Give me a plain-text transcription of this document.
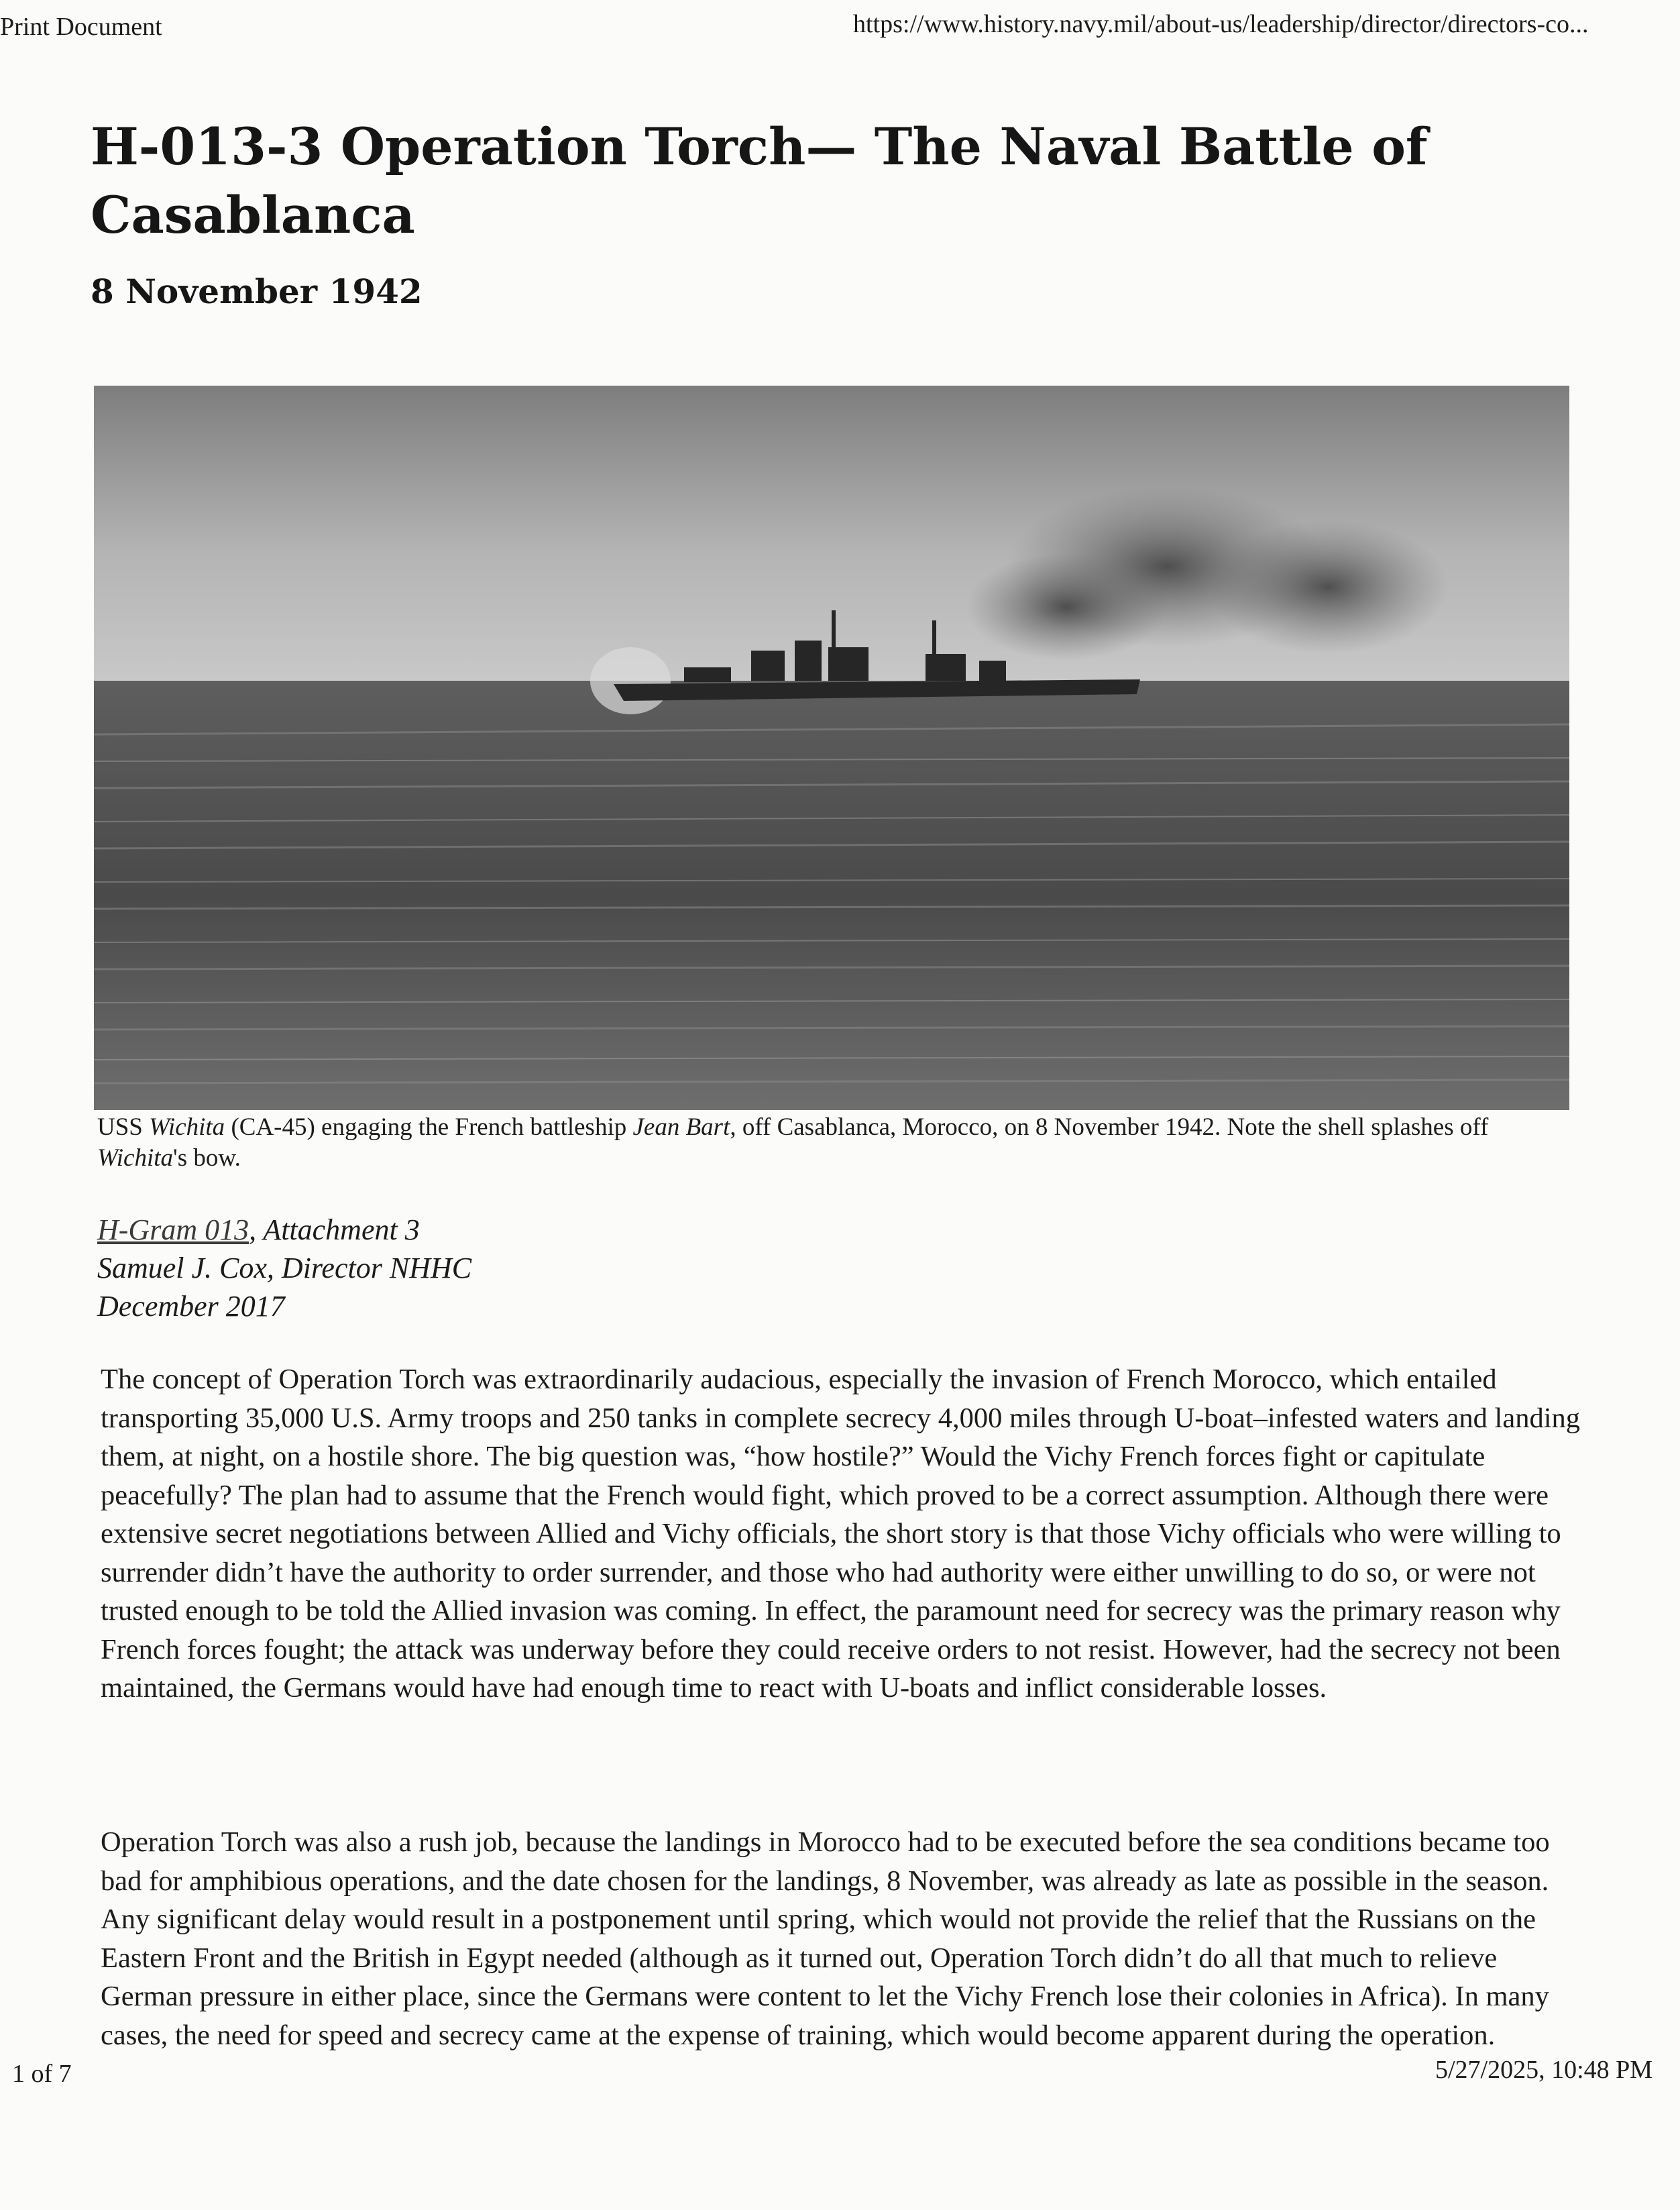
Print Document	https://www.history.navy.mil/about-us/leadership/director/directors-co...
H-013-3 Operation Torch— The Naval Battle of Casablanca
8 November 1942
USS Wichita (CA-45) engaging the French battleship Jean Bart, off Casablanca, Morocco, on 8 November 1942. Note the shell splashes off Wichita's bow.
H-Gram 013, Attachment 3
Samuel J. Cox, Director NHHC
December 2017

The concept of Operation Torch was extraordinarily audacious, especially the invasion of French Morocco, which entailed transporting 35,000 U.S. Army troops and 250 tanks in complete secrecy 4,000 miles through U-boat–infested waters and landing them, at night, on a hostile shore. The big question was, “how hostile?” Would the Vichy French forces fight or capitulate peacefully? The plan had to assume that the French would fight, which proved to be a correct assumption. Although there were extensive secret negotiations between Allied and Vichy officials, the short story is that those Vichy officials who were willing to surrender didn’t have the authority to order surrender, and those who had authority were either unwilling to do so, or were not trusted enough to be told the Allied invasion was coming. In effect, the paramount need for secrecy was the primary reason why French forces fought; the attack was underway before they could receive orders to not resist. However, had the secrecy not been maintained, the Germans would have had enough time to react with U-boats and inflict considerable losses.

Operation Torch was also a rush job, because the landings in Morocco had to be executed before the sea conditions became too bad for amphibious operations, and the date chosen for the landings, 8 November, was already as late as possible in the season. Any significant delay would result in a postponement until spring, which would not provide the relief that the Russians on the Eastern Front and the British in Egypt needed (although as it turned out, Operation Torch didn’t do all that much to relieve German pressure in either place, since the Germans were content to let the Vichy French lose their colonies in Africa). In many cases, the need for speed and secrecy came at the expense of training, which would become apparent during the operation.

1 of 7	5/27/2025, 10:48 PM
